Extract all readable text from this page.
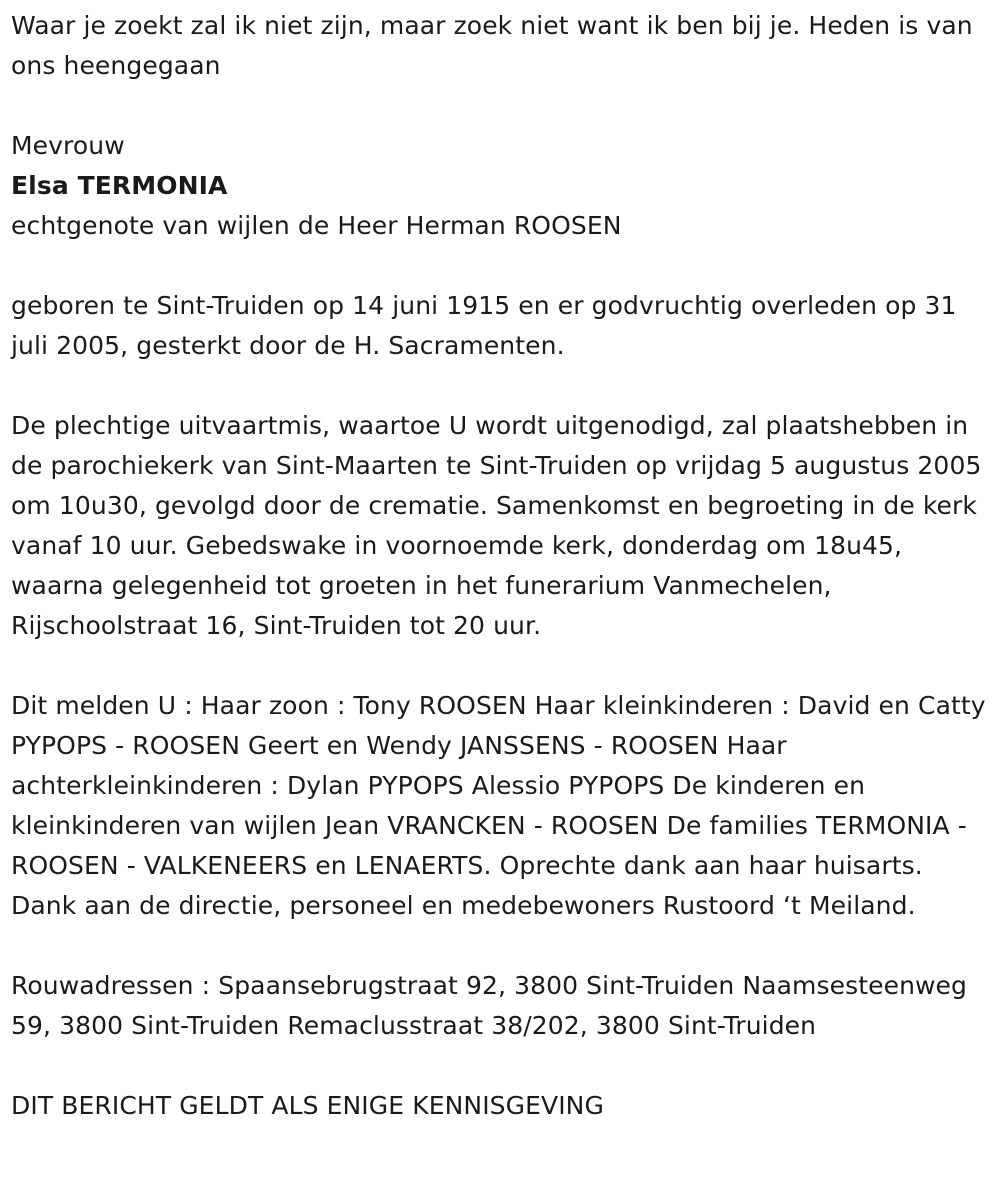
Waar je zoekt zal ik niet zijn, maar zoek niet want ik ben bij je. Heden is van ons heengegaan

Mevrouw

Elsa TERMONIA

echtgenote van wijlen de Heer Herman ROOSEN

geboren te Sint-Truiden op 14 juni 1915 en er godvruchtig overleden op 31 juli 2005, gesterkt door de H. Sacramenten.

De plechtige uitvaartmis, waartoe U wordt uitgenodigd, zal plaatshebben in de parochiekerk van Sint-Maarten te Sint-Truiden op vrijdag 5 augustus 2005 om 10u30, gevolgd door de crematie. Samenkomst en begroeting in de kerk vanaf 10 uur. Gebedswake in voornoemde kerk, donderdag om 18u45, waarna gelegenheid tot groeten in het funerarium Vanmechelen, Rijschoolstraat 16, Sint-Truiden tot 20 uur.

Dit melden U : Haar zoon : Tony ROOSEN Haar kleinkinderen : David en Catty PYPOPS - ROOSEN Geert en Wendy JANSSENS - ROOSEN Haar achterkleinkinderen : Dylan PYPOPS Alessio PYPOPS De kinderen en kleinkinderen van wijlen Jean VRANCKEN - ROOSEN De families TERMONIA - ROOSEN - VALKENEERS en LENAERTS. Oprechte dank aan haar huisarts. Dank aan de directie, personeel en medebewoners Rustoord ‘t Meiland.

Rouwadressen : Spaansebrugstraat 92, 3800 Sint-Truiden Naamsesteenweg 59, 3800 Sint-Truiden Remaclusstraat 38/202, 3800 Sint-Truiden

DIT BERICHT GELDT ALS ENIGE KENNISGEVING
